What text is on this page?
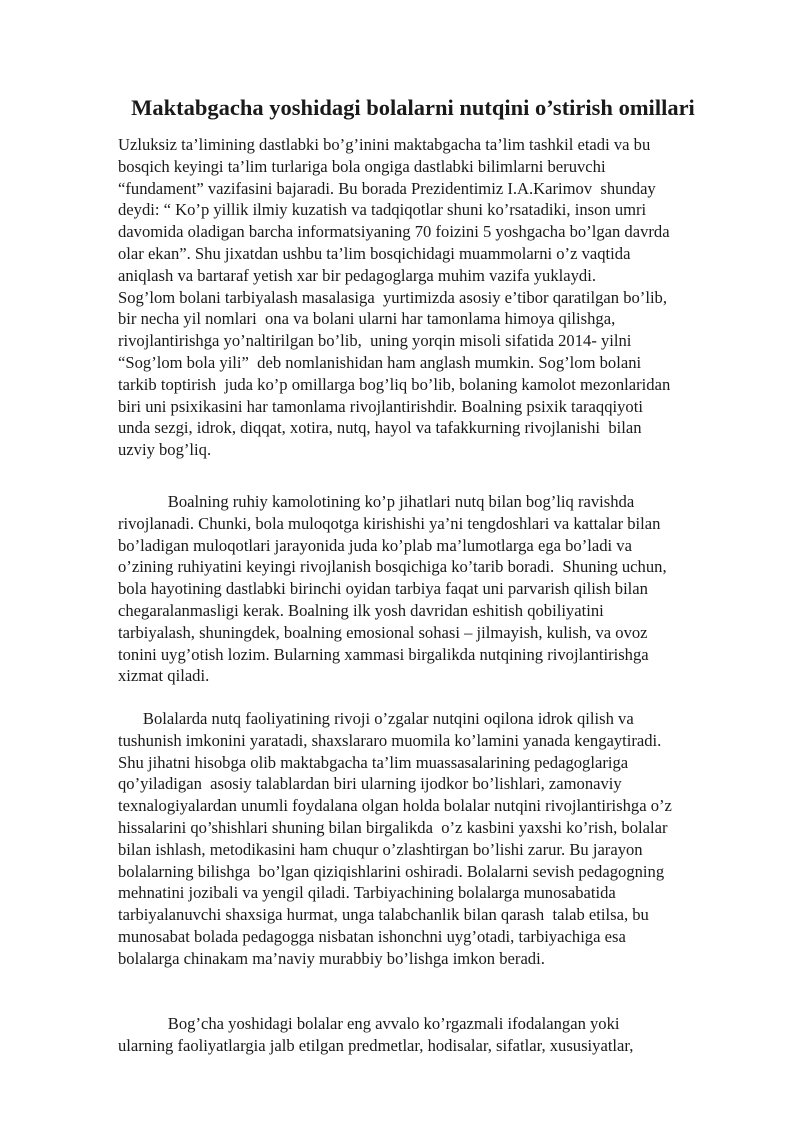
Maktabgacha yoshidagi bolalarni nutqini o’stirish omillari

Uzluksiz ta’limining dastlabki bo’g’inini maktabgacha ta’lim tashkil etadi va bu
bosqich keyingi ta’lim turlariga bola ongiga dastlabki bilimlarni beruvchi
“fundament” vazifasini bajaradi. Bu borada Prezidentimiz I.A.Karimov  shunday
deydi: “ Ko’p yillik ilmiy kuzatish va tadqiqotlar shuni ko’rsatadiki, inson umri
davomida oladigan barcha informatsiyaning 70 foizini 5 yoshgacha bo’lgan davrda
olar ekan”. Shu jixatdan ushbu ta’lim bosqichidagi muammolarni o’z vaqtida
aniqlash va bartaraf yetish xar bir pedagoglarga muhim vazifa yuklaydi.
Sog’lom bolani tarbiyalash masalasiga  yurtimizda asosiy e’tibor qaratilgan bo’lib,
bir necha yil nomlari  ona va bolani ularni har tamonlama himoya qilishga,
rivojlantirishga yo’naltirilgan bo’lib,  uning yorqin misoli sifatida 2014- yilni
“Sog’lom bola yili”  deb nomlanishidan ham anglash mumkin. Sog’lom bolani
tarkib toptirish  juda ko’p omillarga bog’liq bo’lib, bolaning kamolot mezonlaridan
biri uni psixikasini har tamonlama rivojlantirishdir. Boalning psixik taraqqiyoti
unda sezgi, idrok, diqqat, xotira, nutq, hayol va tafakkurning rivojlanishi  bilan
uzviy bog’liq.

Boalning ruhiy kamolotining ko’p jihatlari nutq bilan bog’liq ravishda
rivojlanadi. Chunki, bola muloqotga kirishishi ya’ni tengdoshlari va kattalar bilan
bo’ladigan muloqotlari jarayonida juda ko’plab ma’lumotlarga ega bo’ladi va
o’zining ruhiyatini keyingi rivojlanish bosqichiga ko’tarib boradi.  Shuning uchun,
bola hayotining dastlabki birinchi oyidan tarbiya faqat uni parvarish qilish bilan
chegaralanmasligi kerak. Boalning ilk yosh davridan eshitish qobiliyatini
tarbiyalash, shuningdek, boalning emosional sohasi – jilmayish, kulish, va ovoz
tonini uyg’otish lozim. Bularning xammasi birgalikda nutqining rivojlantirishga
xizmat qiladi.

Bolalarda nutq faoliyatining rivoji o’zgalar nutqini oqilona idrok qilish va
tushunish imkonini yaratadi, shaxslararo muomila ko’lamini yanada kengaytiradi.
Shu jihatni hisobga olib maktabgacha ta’lim muassasalarining pedagoglariga
qo’yiladigan  asosiy talablardan biri ularning ijodkor bo’lishlari, zamonaviy
texnalogiyalardan unumli foydalana olgan holda bolalar nutqini rivojlantirishga o’z
hissalarini qo’shishlari shuning bilan birgalikda  o’z kasbini yaxshi ko’rish, bolalar
bilan ishlash, metodikasini ham chuqur o’zlashtirgan bo’lishi zarur. Bu jarayon
bolalarning bilishga  bo’lgan qiziqishlarini oshiradi. Bolalarni sevish pedagogning
mehnatini jozibali va yengil qiladi. Tarbiyachining bolalarga munosabatida
tarbiyalanuvchi shaxsiga hurmat, unga talabchanlik bilan qarash  talab etilsa, bu
munosabat bolada pedagogga nisbatan ishonchni uyg’otadi, tarbiyachiga esa
bolalarga chinakam ma’naviy murabbiy bo’lishga imkon beradi.

Bog’cha yoshidagi bolalar eng avvalo ko’rgazmali ifodalangan yoki
ularning faoliyatlargia jalb etilgan predmetlar, hodisalar, sifatlar, xususiyatlar,
